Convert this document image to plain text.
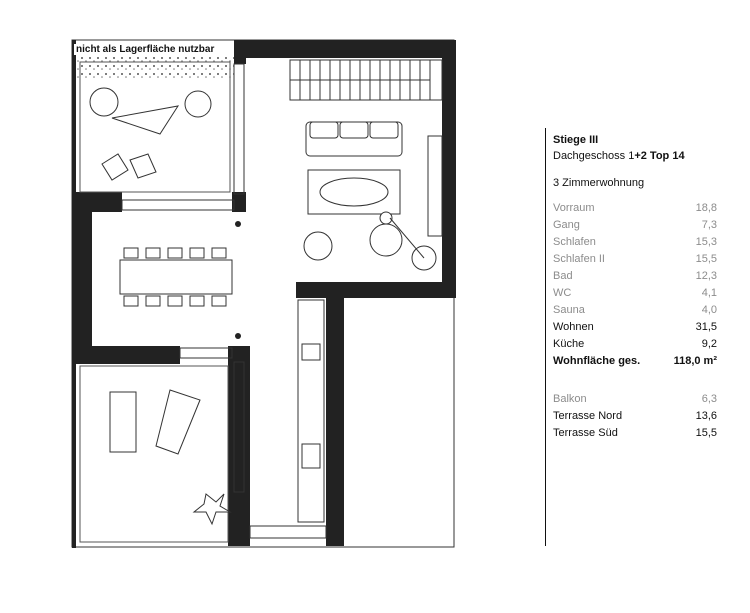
nicht als Lagerfläche nutzbar
Stiege III
Dachgeschoss 1+2 Top 14
3 Zimmerwohnung
Vorraum	18,8
Gang	7,3
Schlafen	15,3
Schlafen II	15,5
Bad	12,3
WC	4,1
Sauna	4,0
Wohnen	31,5
Küche	9,2
Wohnfläche ges.	118,0 m²
Balkon	6,3
Terrasse Nord	13,6
Terrasse Süd	15,5
